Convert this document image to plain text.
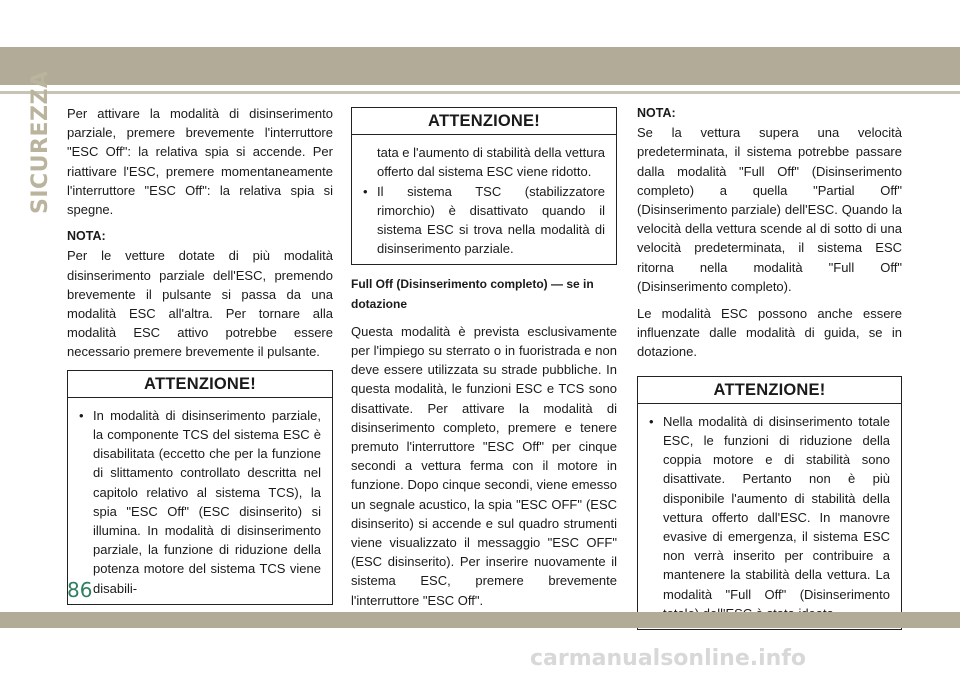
SICUREZZA Per attivare la modalità di disinserimento parziale, premere brevemente l'interruttore "ESC Off": la relativa spia si accende. Per riattivare l'ESC, premere momentaneamente l'interruttore "ESC Off": la relativa spia si spegne.

NOTA:

Per le vetture dotate di più modalità disinserimento parziale dell'ESC, premendo brevemente il pulsante si passa da una modalità ESC all'altra. Per tornare alla modalità ESC attivo potrebbe essere necessario premere brevemente il pulsante.

ATTENZIONE!
• In modalità di disinserimento parziale, la componente TCS del sistema ESC è disabilitata (eccetto che per la funzione di slittamento controllato descritta nel capitolo relativo al sistema TCS), la spia "ESC Off" (ESC disinserito) si illumina. In modalità di disinserimento parziale, la funzione di riduzione della potenza motore del sistema TCS viene disabili-
ATTENZIONE!
tata e l'aumento di stabilità della vettura offerto dal sistema ESC viene ridotto.
• Il sistema TSC (stabilizzatore rimorchio) è disattivato quando il sistema ESC si trova nella modalità di disinserimento parziale.
Full Off (Disinserimento completo) — se in dotazione

Questa modalità è prevista esclusivamente per l'impiego su sterrato o in fuoristrada e non deve essere utilizzata su strade pubbliche. In questa modalità, le funzioni ESC e TCS sono disattivate. Per attivare la modalità di disinserimento completo, premere e tenere premuto l'interruttore "ESC Off" per cinque secondi a vettura ferma con il motore in funzione. Dopo cinque secondi, viene emesso un segnale acustico, la spia "ESC OFF" (ESC disinserito) si accende e sul quadro strumenti viene visualizzato il messaggio "ESC OFF" (ESC disinserito). Per inserire nuovamente il sistema ESC, premere brevemente l'interruttore "ESC Off".

NOTA:

Se la vettura supera una velocità predeterminata, il sistema potrebbe passare dalla modalità "Full Off" (Disinserimento completo) a quella "Partial Off" (Disinserimento parziale) dell'ESC. Quando la velocità della vettura scende al di sotto di una velocità predeterminata, il sistema ESC ritorna nella modalità "Full Off" (Disinserimento completo).

Le modalità ESC possono anche essere influenzate dalle modalità di guida, se in dotazione.

ATTENZIONE!
• Nella modalità di disinserimento totale ESC, le funzioni di riduzione della coppia motore e di stabilità sono disattivate. Pertanto non è più disponibile l'aumento di stabilità della vettura offerto dall'ESC. In manovre evasive di emergenza, il sistema ESC non verrà inserito per contribuire a mantenere la stabilità della vettura. La modalità "Full Off" (Disinserimento
86
carmanualsonline.info
